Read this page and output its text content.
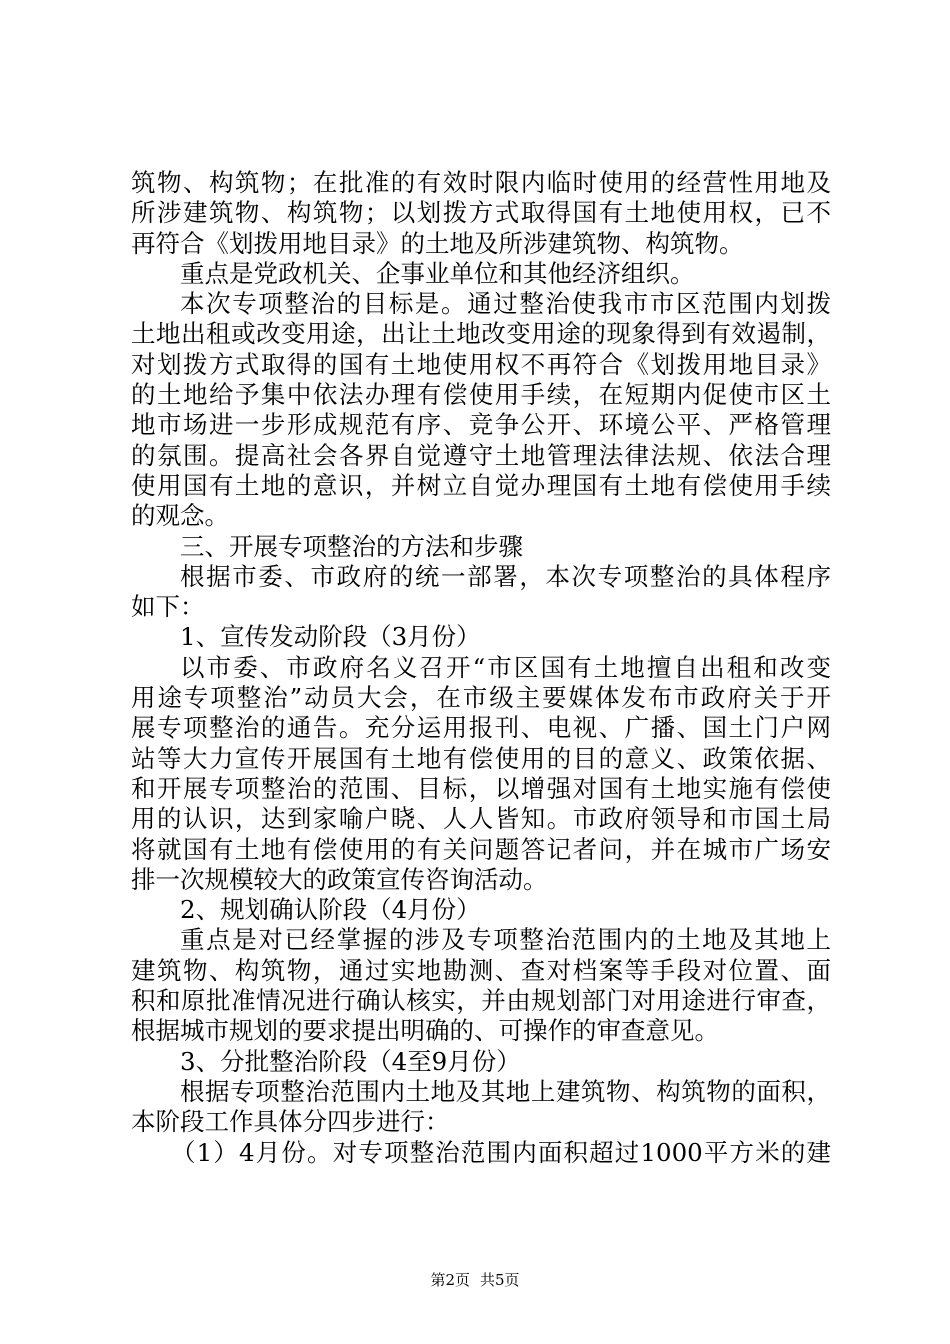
筑物、构筑物；在批准的有效时限内临时使用的经营性用地及
所涉建筑物、构筑物；以划拨方式取得国有土地使用权，已不
再符合《划拨用地目录》的土地及所涉建筑物、构筑物。
重点是党政机关、企事业单位和其他经济组织。
本次专项整治的目标是。通过整治使我市市区范围内划拨
土地出租或改变用途，出让土地改变用途的现象得到有效遏制，
对划拨方式取得的国有土地使用权不再符合《划拨用地目录》
的土地给予集中依法办理有偿使用手续，在短期内促使市区土
地市场进一步形成规范有序、竞争公开、环境公平、严格管理
的氛围。提高社会各界自觉遵守土地管理法律法规、依法合理
使用国有土地的意识，并树立自觉办理国有土地有偿使用手续
的观念。
三、开展专项整治的方法和步骤
根据市委、市政府的统一部署，本次专项整治的具体程序
如下：
1、宣传发动阶段（3月份）
以市委、市政府名义召开“市区国有土地擅自出租和改变
用途专项整治”动员大会，在市级主要媒体发布市政府关于开
展专项整治的通告。充分运用报刊、电视、广播、国土门户网
站等大力宣传开展国有土地有偿使用的目的意义、政策依据、
和开展专项整治的范围、目标，以增强对国有土地实施有偿使
用的认识，达到家喻户晓、人人皆知。市政府领导和市国土局
将就国有土地有偿使用的有关问题答记者问，并在城市广场安
排一次规模较大的政策宣传咨询活动。
2、规划确认阶段（4月份）
重点是对已经掌握的涉及专项整治范围内的土地及其地上
建筑物、构筑物，通过实地勘测、查对档案等手段对位置、面
积和原批准情况进行确认核实，并由规划部门对用途进行审查，
根据城市规划的要求提出明确的、可操作的审查意见。
3、分批整治阶段（4至9月份）
根据专项整治范围内土地及其地上建筑物、构筑物的面积，
本阶段工作具体分四步进行：
（1）4月份。对专项整治范围内面积超过1000平方米的建
第2页 共5页
